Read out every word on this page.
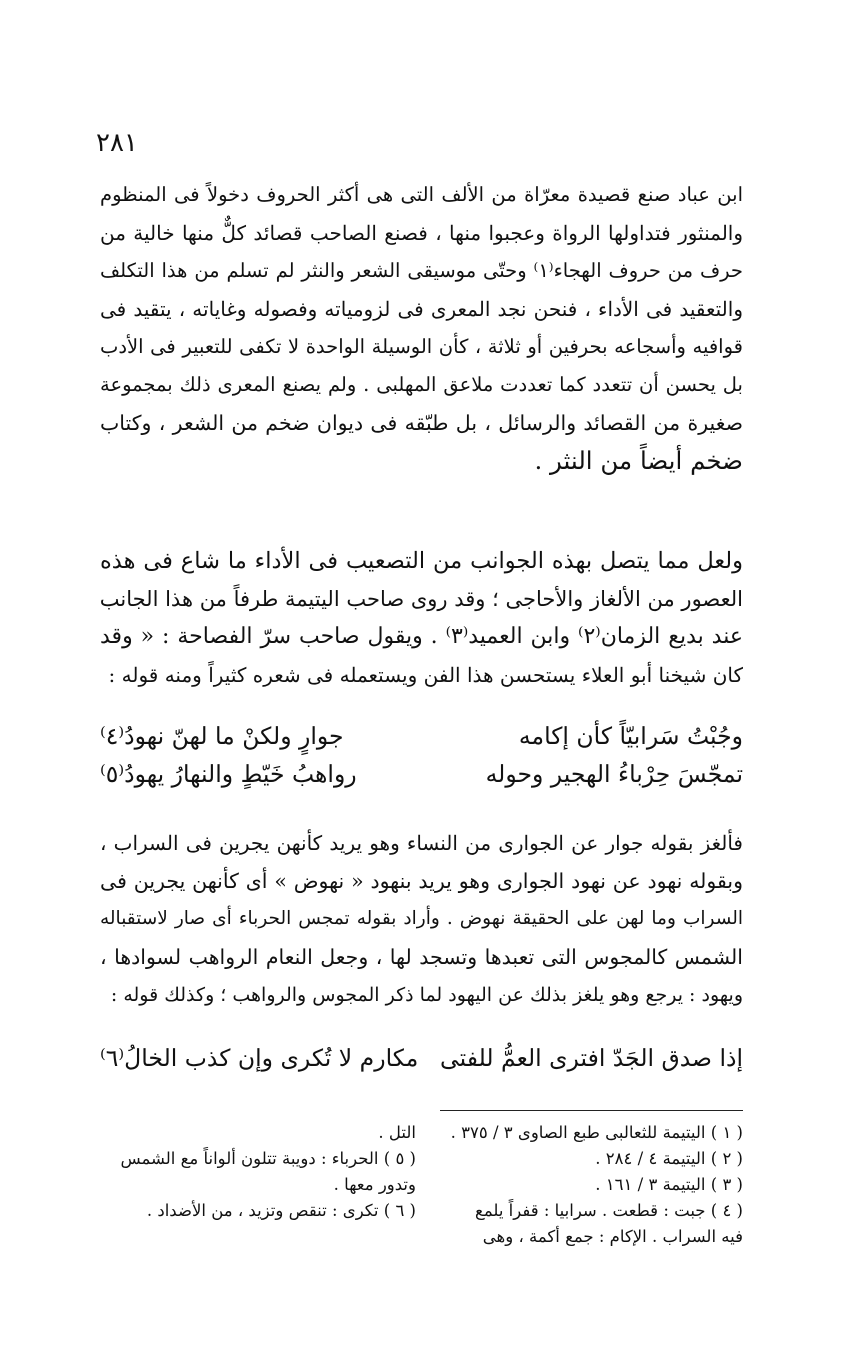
٢٨١
ابن عباد صنع قصيدة معرّاة من الألف التى هى أكثر الحروف دخولاً فى المنظوم
والمنثور فتداولها الرواة وعجبوا منها ، فصنع الصاحب قصائد كلٌّ منها خالية من
حرف من حروف الهجاء⁽١⁾ وحتّى موسيقى الشعر والنثر لم تسلم من هذا التكلف
والتعقيد فى الأداء ، فنحن نجد المعرى فى لزومياته وفصوله وغاياته ، يتقيد فى
قوافيه وأسجاعه بحرفين أو ثلاثة ، كأن الوسيلة الواحدة لا تكفى للتعبير فى الأدب
بل يحسن أن تتعدد كما تعددت ملاعق المهلبى . ولم يصنع المعرى ذلك بمجموعة
صغيرة من القصائد والرسائل ، بل طبّقه فى ديوان ضخم من الشعر ، وكتاب
ضخم أيضاً من النثر .
ولعل مما يتصل بهذه الجوانب من التصعيب فى الأداء ما شاع فى هذه
العصور من الألغاز والأحاجى ؛ وقد روى صاحب اليتيمة طرفاً من هذا الجانب
عند بديع الزمان⁽٢⁾ وابن العميد⁽٣⁾ . ويقول صاحب سرّ الفصاحة : « وقد
كان شيخنا أبو العلاء يستحسن هذا الفن ويستعمله فى شعره كثيراً ومنه قوله :
وجُبْتُ سَرابيّاً كأن إكامه
جوارٍ ولكنْ ما لهنّ نهودُ⁽٤⁾
تمجّسَ حِرْباءُ الهجير وحوله
رواهبُ خَيّطٍ والنهارُ يهودُ⁽٥⁾
فألغز بقوله جوار عن الجوارى من النساء وهو يريد كأنهن يجرين فى السراب ،
وبقوله نهود عن نهود الجوارى وهو يريد بنهود « نهوض » أى كأنهن يجرين فى
السراب وما لهن على الحقيقة نهوض . وأراد بقوله تمجس الحرباء أى صار لاستقباله
الشمس كالمجوس التى تعبدها وتسجد لها ، وجعل النعام الرواهب لسوادها ،
ويهود : يرجع وهو يلغز بذلك عن اليهود لما ذكر المجوس والرواهب ؛ وكذلك قوله :
إذا صدق الجَدّ افترى العمُّ للفتى
مكارم لا تُكرى وإن كذب الخالُ⁽٦⁾
( ١ ) اليتيمة للثعالبى طبع الصاوى ٣ / ٣٧٥ .
( ٢ ) اليتيمة ٤ / ٢٨٤ .
( ٣ ) اليتيمة ٣ / ١٦١ .
( ٤ ) جبت : قطعت . سرابيا : قفراً يلمع
فيه السراب . الإكام : جمع أكمة ، وهى
التل .
( ٥ ) الحرباء : دويبة تتلون ألواناً مع الشمس
وتدور معها .
( ٦ ) تكرى : تنقص وتزيد ، من الأضداد .
